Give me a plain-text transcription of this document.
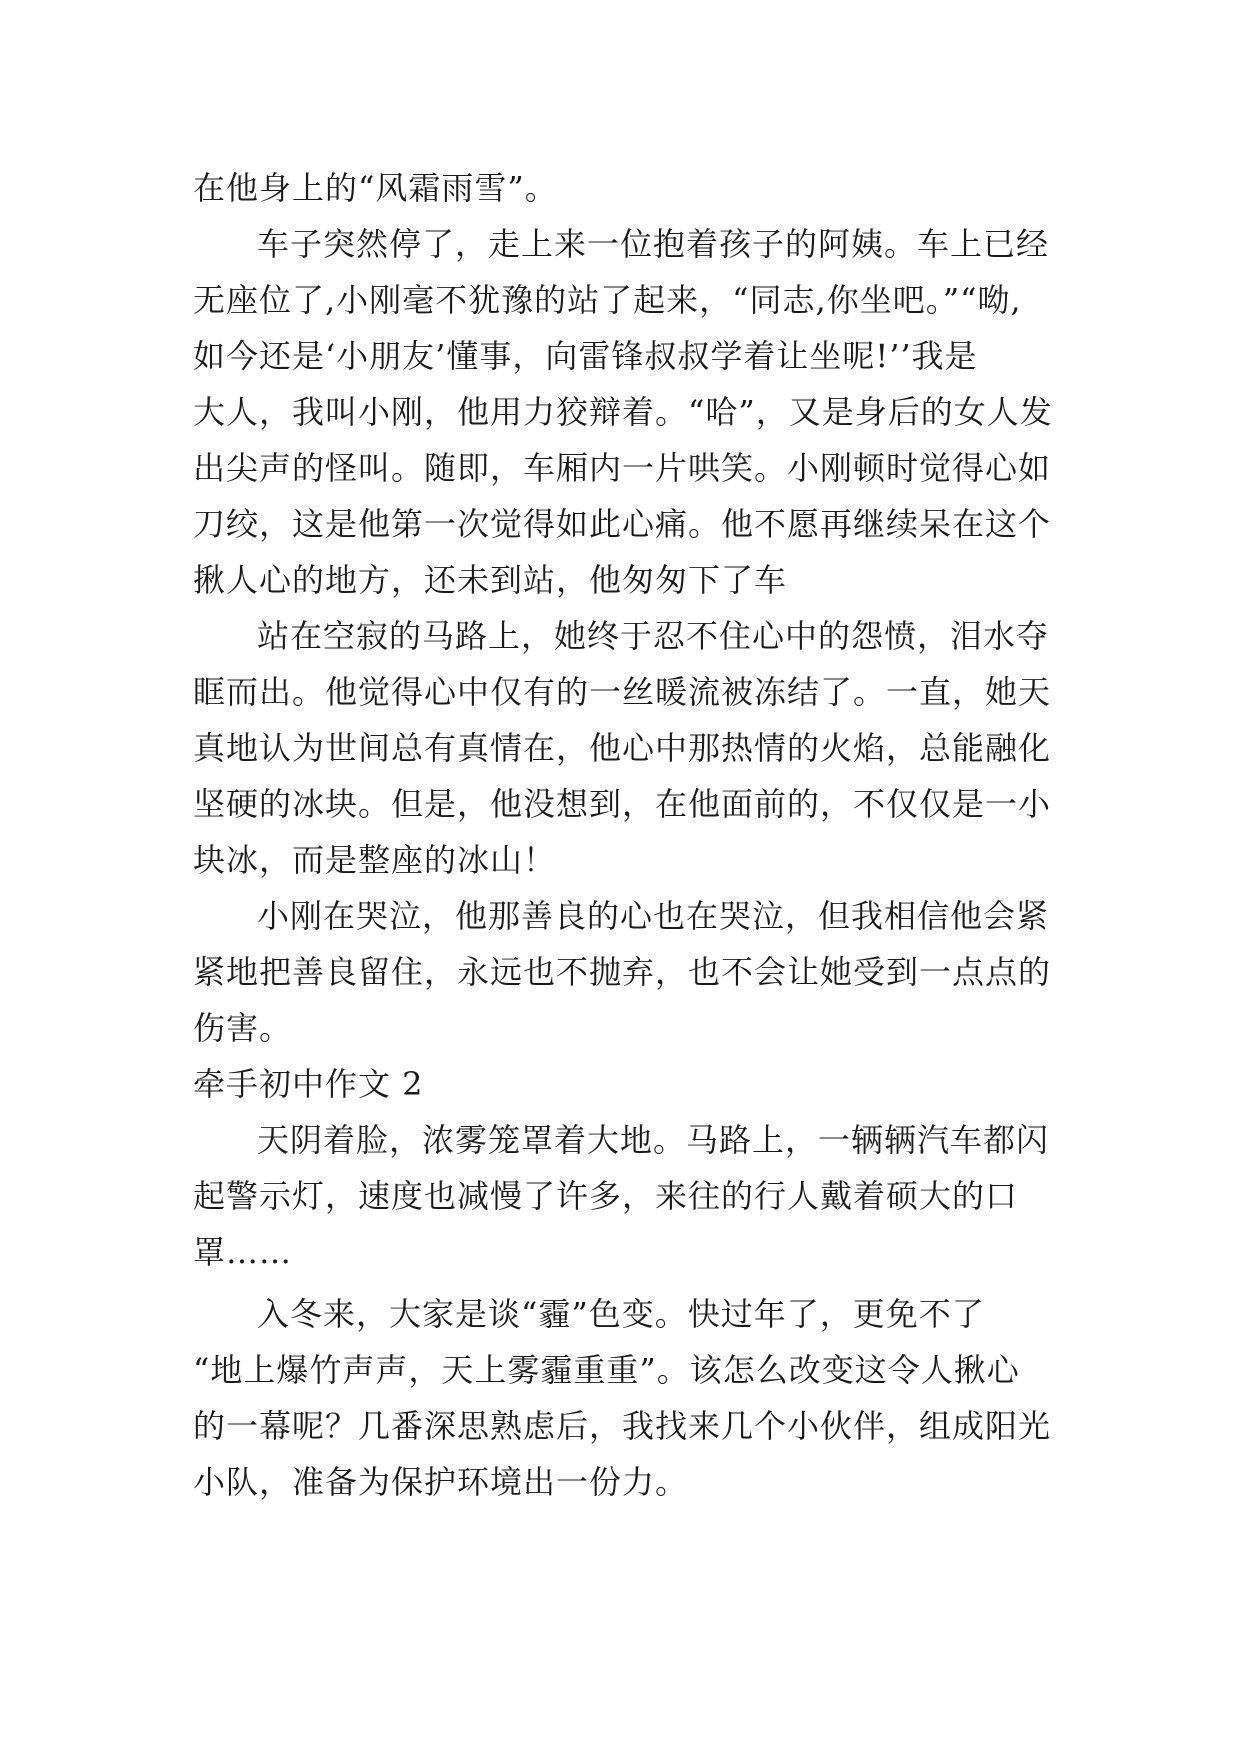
在他身上的“风霜雨雪”。
车子突然停了，走上来一位抱着孩子的阿姨。车上已经
无座位了,小刚毫不犹豫的站了起来，“同志,你坐吧。”“呦,
如今还是‘小朋友’懂事，向雷锋叔叔学着让坐呢!’’我是
大人，我叫小刚，他用力狡辩着。“哈”，又是身后的女人发
出尖声的怪叫。随即，车厢内一片哄笑。小刚顿时觉得心如
刀绞，这是他第一次觉得如此心痛。他不愿再继续呆在这个
揪人心的地方，还未到站，他匆匆下了车
站在空寂的马路上，她终于忍不住心中的怨愤，泪水夺
眶而出。他觉得心中仅有的一丝暖流被冻结了。一直，她天
真地认为世间总有真情在，他心中那热情的火焰，总能融化
坚硬的冰块。但是，他没想到，在他面前的，不仅仅是一小
块冰，而是整座的冰山！
小刚在哭泣，他那善良的心也在哭泣，但我相信他会紧
紧地把善良留住，永远也不抛弃，也不会让她受到一点点的
伤害。
牵手初中作文 2
天阴着脸，浓雾笼罩着大地。马路上，一辆辆汽车都闪
起警示灯，速度也减慢了许多，来往的行人戴着硕大的口
罩……
入冬来，大家是谈“霾”色变。快过年了，更免不了
“地上爆竹声声，天上雾霾重重”。该怎么改变这令人揪心
的一幕呢？几番深思熟虑后，我找来几个小伙伴，组成阳光
小队，准备为保护环境出一份力。
